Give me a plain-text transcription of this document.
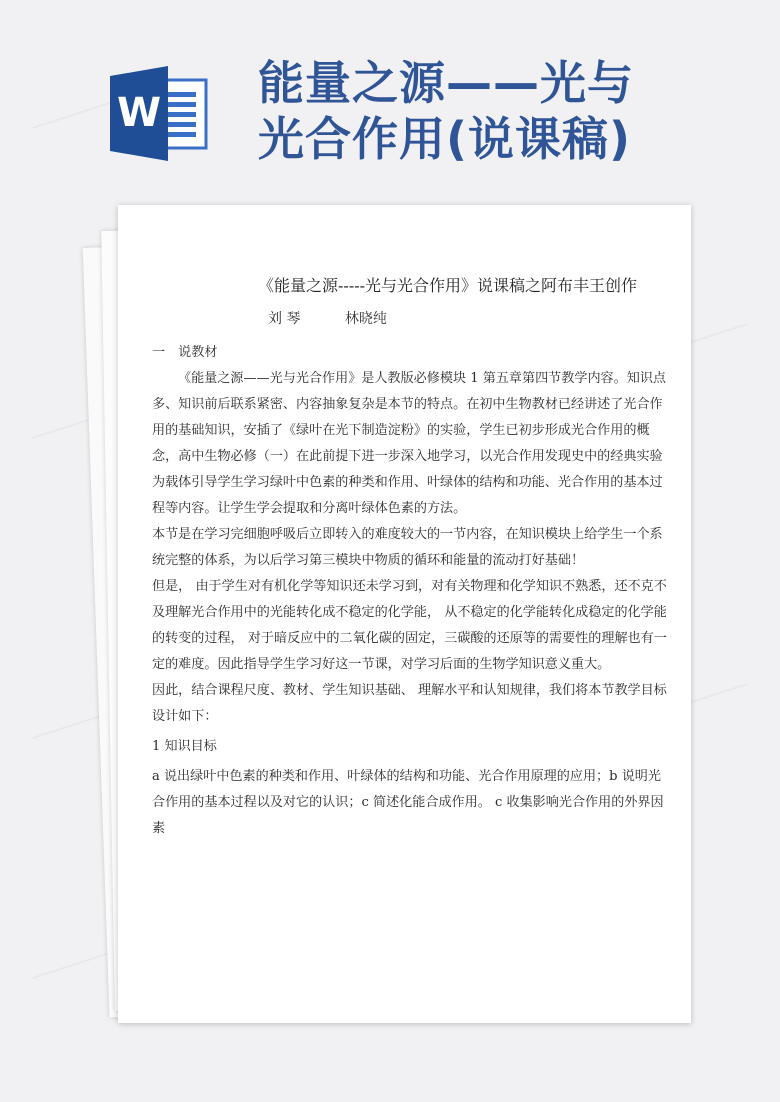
W
能量之源——光与
光合作用(说课稿)
《能量之源-----光与光合作用》说课稿之阿布丰王创作
刘 琴	林晓纯

一　说教材

《能量之源——光与光合作用》是人教版必修模块 1 第五章第四节教学内容。知识点多、知识前后联系紧密、内容抽象复杂是本节的特点。在初中生物教材已经讲述了光合作用的基础知识，安插了《绿叶在光下制造淀粉》的实验，学生已初步形成光合作用的概念，高中生物必修（一）在此前提下进一步深入地学习，以光合作用发现史中的经典实验为载体引导学生学习绿叶中色素的种类和作用、叶绿体的结构和功能、光合作用的基本过程等内容。让学生学会提取和分离叶绿体色素的方法。

本节是在学习完细胞呼吸后立即转入的难度较大的一节内容，在知识模块上给学生一个系统完整的体系，为以后学习第三模块中物质的循环和能量的流动打好基础！

但是， 由于学生对有机化学等知识还未学习到，对有关物理和化学知识不熟悉，还不克不及理解光合作用中的光能转化成不稳定的化学能， 从不稳定的化学能转化成稳定的化学能的转变的过程， 对于暗反应中的二氧化碳的固定，三碳酸的还原等的需要性的理解也有一定的难度。因此指导学生学习好这一节课，对学习后面的生物学知识意义重大。

因此，结合课程尺度、教材、学生知识基础、 理解水平和认知规律，我们将本节教学目标设计如下：

1 知识目标

a 说出绿叶中色素的种类和作用、叶绿体的结构和功能、光合作用原理的应用；b 说明光合作用的基本过程以及对它的认识；c 简述化能合成作用。 c 收集影响光合作用的外界因素
